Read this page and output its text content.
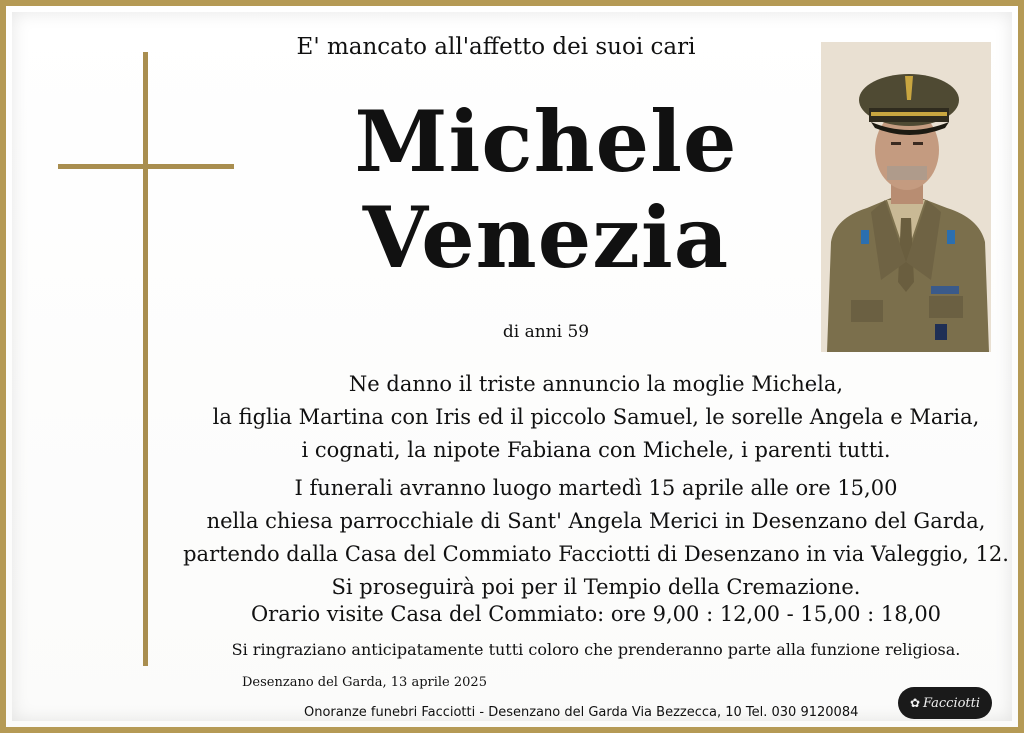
E' mancato all'affetto dei suoi cari
Michele
Venezia
di anni 59
Ne danno il triste annuncio la moglie Michela,
la figlia Martina con Iris ed il piccolo Samuel, le sorelle Angela e Maria,
i cognati, la nipote Fabiana con Michele, i parenti tutti.
I funerali avranno luogo martedì 15 aprile alle ore 15,00
nella chiesa parrocchiale di Sant' Angela Merici in Desenzano del Garda,
partendo dalla Casa del Commiato Facciotti di Desenzano in via Valeggio, 12.
Si proseguirà poi per il Tempio della Cremazione.
Orario visite Casa del Commiato: ore 9,00 : 12,00 - 15,00 : 18,00
Si ringraziano anticipatamente tutti coloro che prenderanno parte alla funzione religiosa.
Desenzano del Garda, 13 aprile 2025
Onoranze funebri Facciotti - Desenzano del Garda Via Bezzecca, 10 Tel. 030 9120084
✿ Facciotti
